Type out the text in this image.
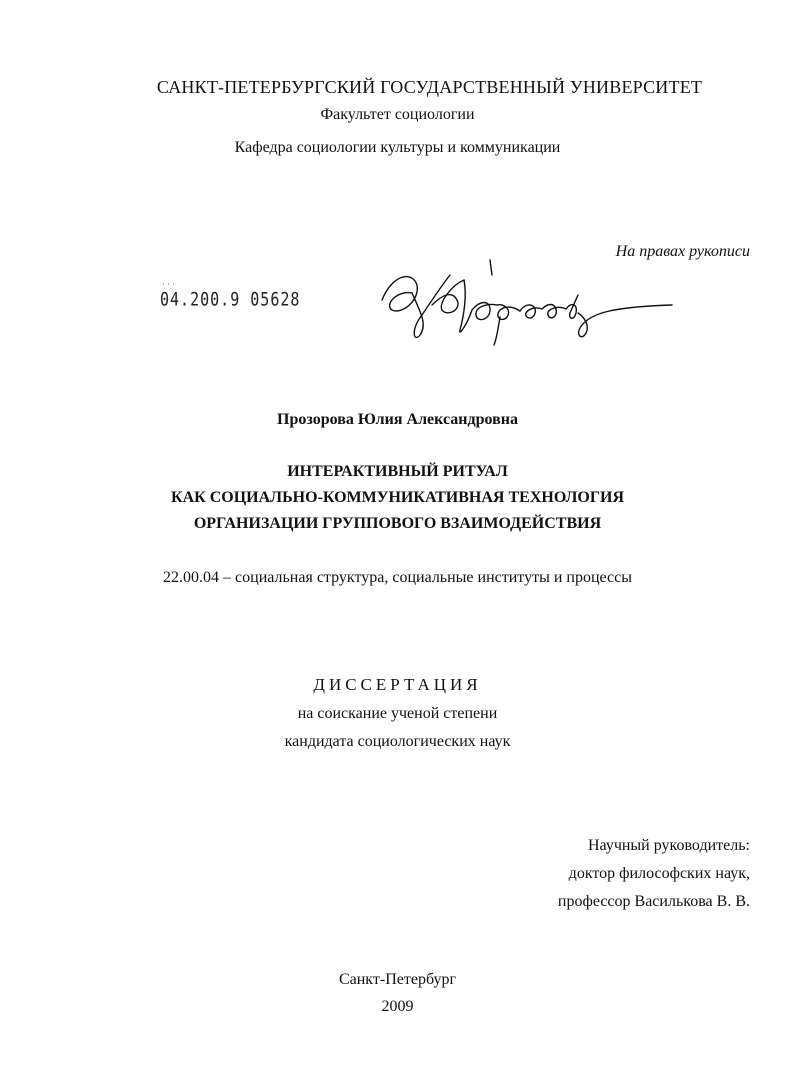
САНКТ-ПЕТЕРБУРГСКИЙ ГОСУДАРСТВЕННЫЙ УНИВЕРСИТЕТ
Факультет социологии
Кафедра социологии культуры и коммуникации
На правах рукописи
· · ·
04.200.9 05628
Прозорова Юлия Александровна
ИНТЕРАКТИВНЫЙ РИТУАЛ
КАК СОЦИАЛЬНО-КОММУНИКАТИВНАЯ ТЕХНОЛОГИЯ
ОРГАНИЗАЦИИ ГРУППОВОГО ВЗАИМОДЕЙСТВИЯ
22.00.04 – социальная структура, социальные институты и процессы
ДИССЕРТАЦИЯ
на соискание ученой степени
кандидата социологических наук
Научный руководитель:
доктор философских наук,
профессор Василькова В. В.
Санкт-Петербург
2009
